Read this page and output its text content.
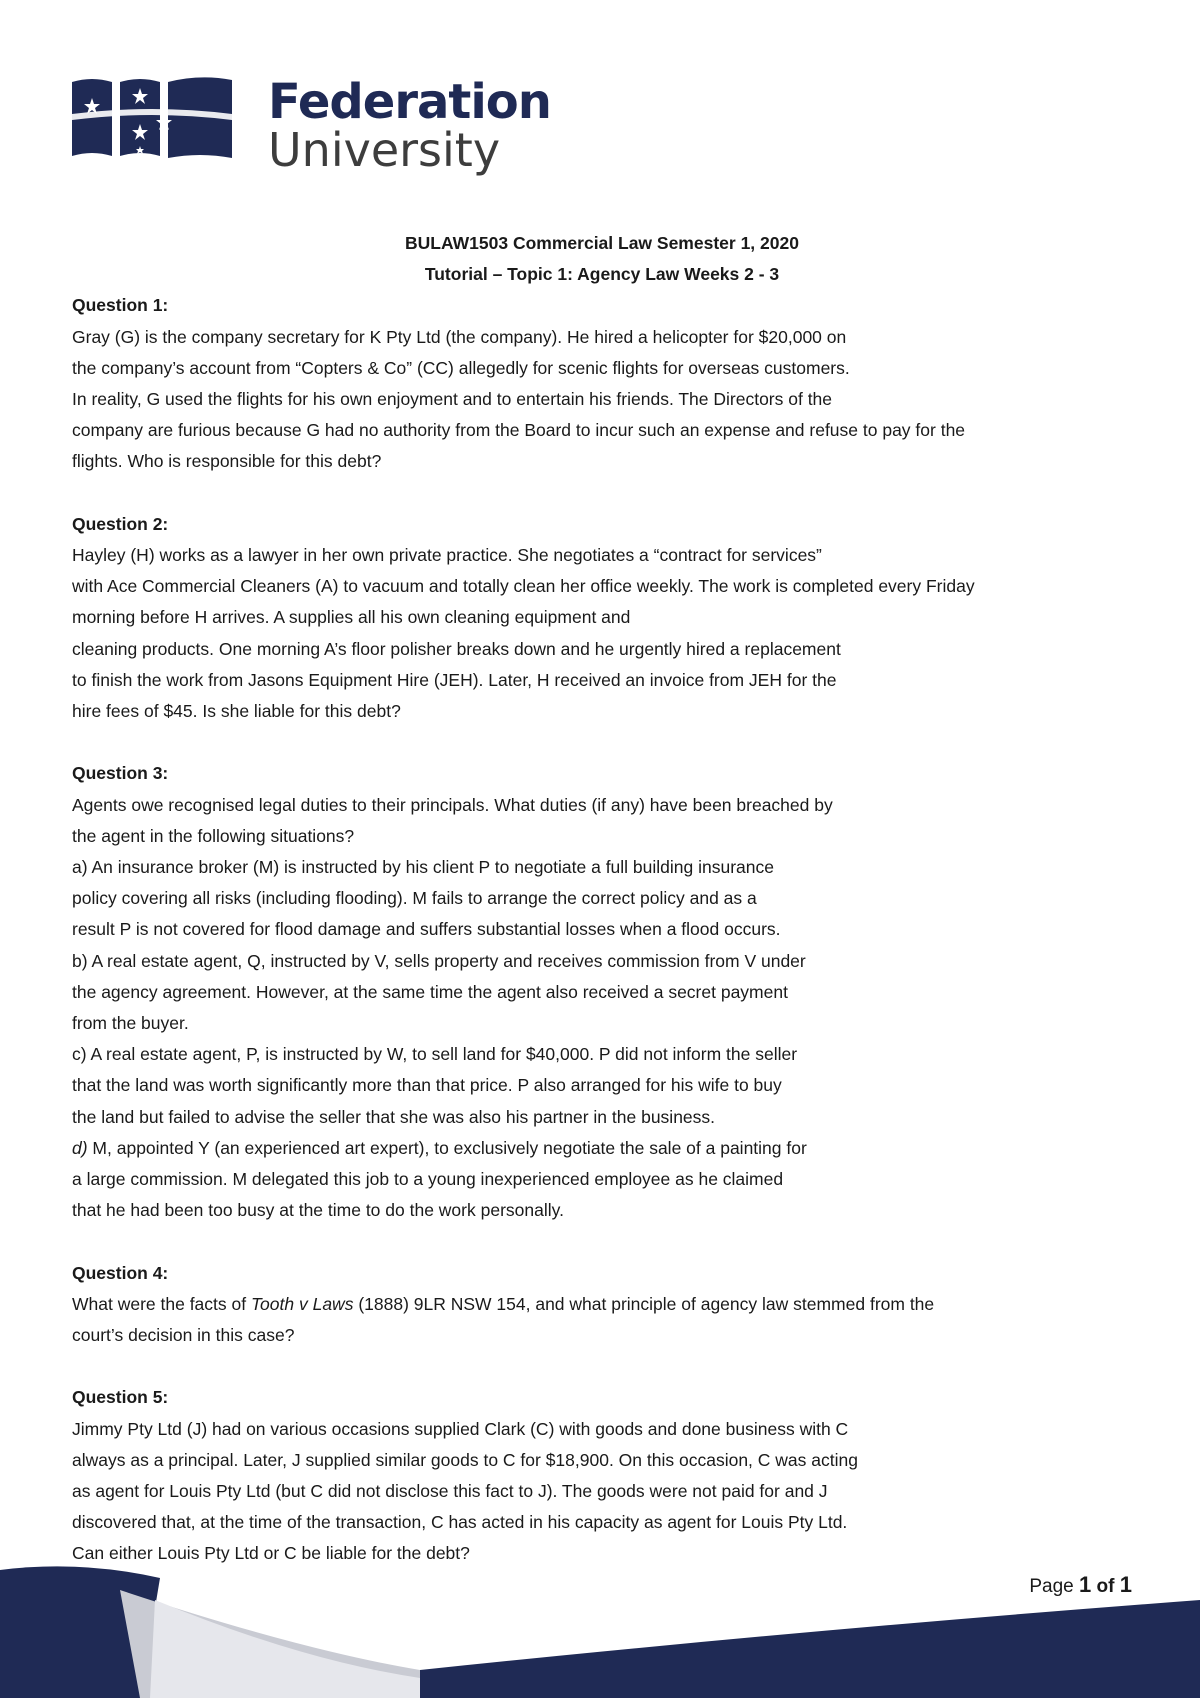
Federation
University

BULAW1503 Commercial Law Semester 1, 2020

Tutorial – Topic 1: Agency Law Weeks 2 - 3

Question 1:

Gray (G) is the company secretary for K Pty Ltd (the company). He hired a helicopter for $20,000 on

the company’s account from “Copters & Co” (CC) allegedly for scenic flights for overseas customers.

In reality, G used the flights for his own enjoyment and to entertain his friends. The Directors of the

company are furious because G had no authority from the Board to incur such an expense and refuse to pay for the

flights. Who is responsible for this debt?

Question 2:

Hayley (H) works as a lawyer in her own private practice. She negotiates a “contract for services”

with Ace Commercial Cleaners (A) to vacuum and totally clean her office weekly. The work is completed every Friday

morning before H arrives. A supplies all his own cleaning equipment and

cleaning products. One morning A’s floor polisher breaks down and he urgently hired a replacement

to finish the work from Jasons Equipment Hire (JEH). Later, H received an invoice from JEH for the

hire fees of $45. Is she liable for this debt?

Question 3:

Agents owe recognised legal duties to their principals. What duties (if any) have been breached by

the agent in the following situations?

a) An insurance broker (M) is instructed by his client P to negotiate a full building insurance

policy covering all risks (including flooding). M fails to arrange the correct policy and as a

result P is not covered for flood damage and suffers substantial losses when a flood occurs.

b) A real estate agent, Q, instructed by V, sells property and receives commission from V under

the agency agreement. However, at the same time the agent also received a secret payment

from the buyer.

c) A real estate agent, P, is instructed by W, to sell land for $40,000. P did not inform the seller

that the land was worth significantly more than that price. P also arranged for his wife to buy

the land but failed to advise the seller that she was also his partner in the business.

d) M, appointed Y (an experienced art expert), to exclusively negotiate the sale of a painting for

a large commission. M delegated this job to a young inexperienced employee as he claimed

that he had been too busy at the time to do the work personally.

Question 4:

What were the facts of Tooth v Laws (1888) 9LR NSW 154, and what principle of agency law stemmed from the

court’s decision in this case?

Question 5:

Jimmy Pty Ltd (J) had on various occasions supplied Clark (C) with goods and done business with C

always as a principal. Later, J supplied similar goods to C for $18,900. On this occasion, C was acting

as agent for Louis Pty Ltd (but C did not disclose this fact to J). The goods were not paid for and J

discovered that, at the time of the transaction, C has acted in his capacity as agent for Louis Pty Ltd.

Can either Louis Pty Ltd or C be liable for the debt?

Page 1 of 1
